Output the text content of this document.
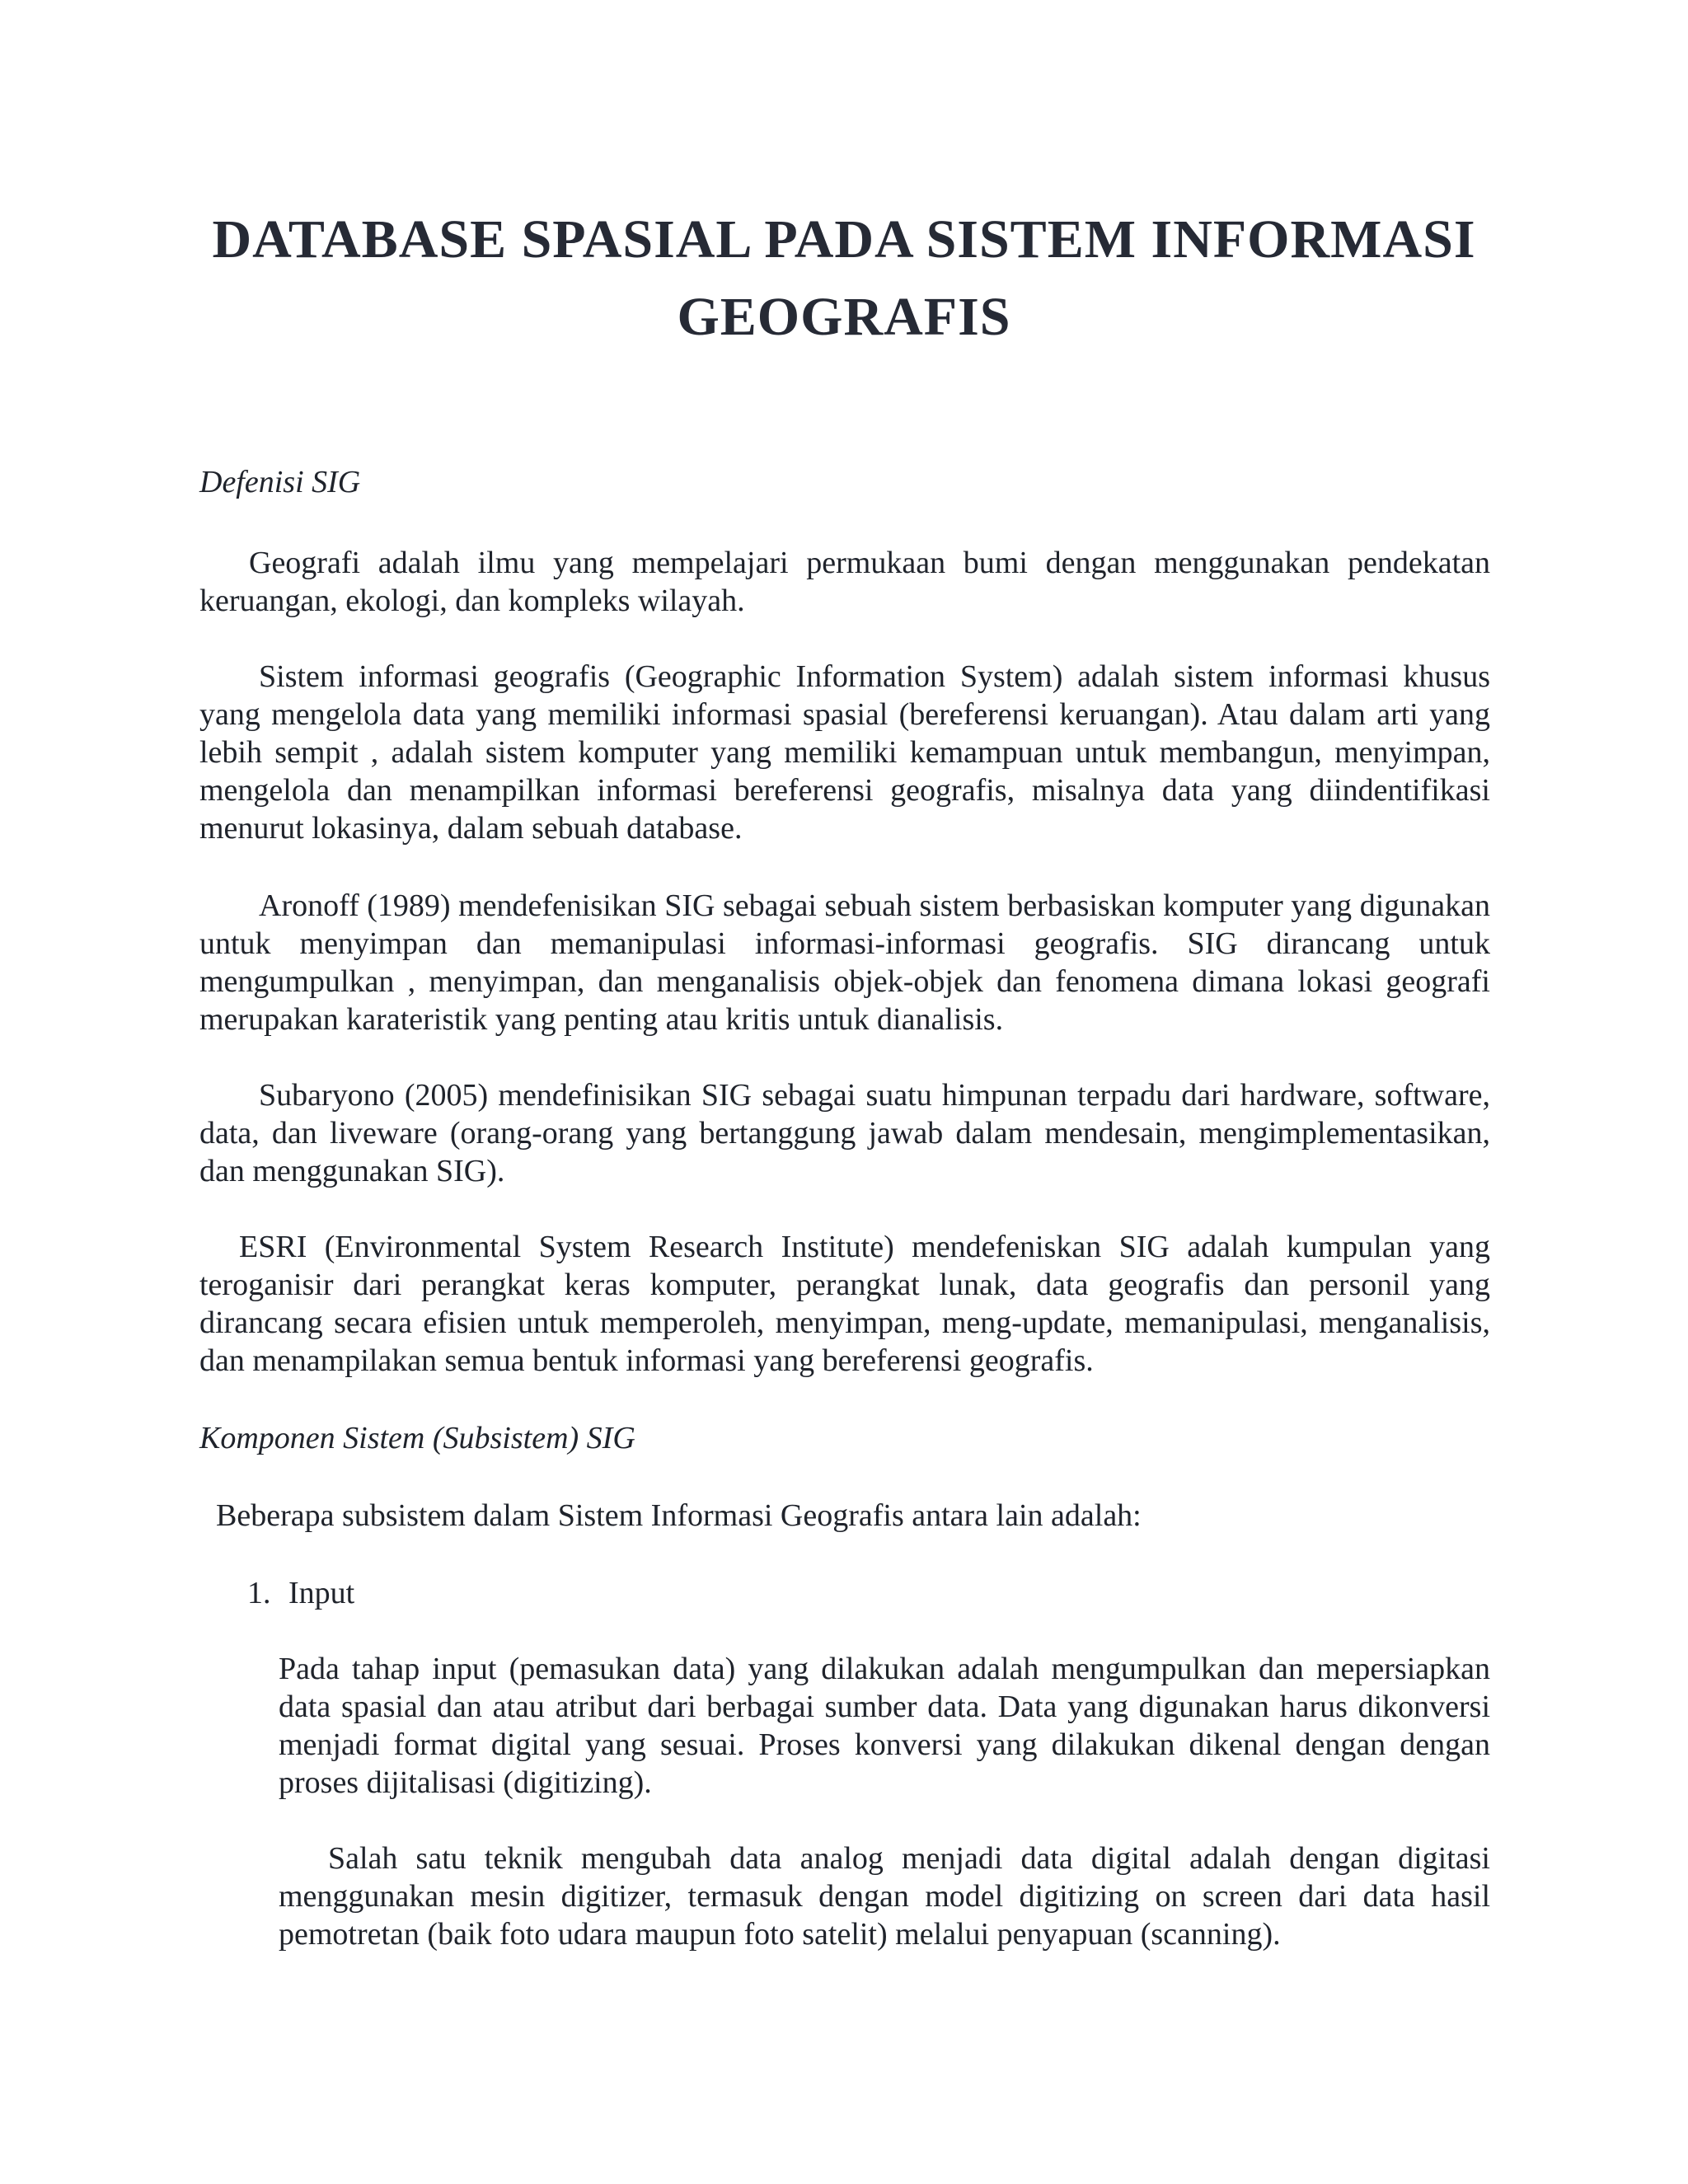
DATABASE SPASIAL PADA SISTEM INFORMASI
GEOGRAFIS

Defenisi SIG

Geografi adalah ilmu yang mempelajari permukaan bumi dengan menggunakan pendekatan keruangan, ekologi, dan kompleks wilayah.

Sistem informasi geografis (Geographic Information System) adalah sistem informasi khusus yang mengelola data yang memiliki informasi spasial (bereferensi keruangan). Atau dalam arti yang lebih sempit , adalah sistem komputer yang memiliki kemampuan untuk membangun, menyimpan, mengelola dan menampilkan informasi bereferensi geografis, misalnya data yang diindentifikasi menurut lokasinya, dalam sebuah database.

Aronoff (1989) mendefenisikan SIG sebagai sebuah sistem berbasiskan komputer yang digunakan untuk menyimpan dan memanipulasi informasi-informasi geografis. SIG dirancang untuk mengumpulkan , menyimpan, dan menganalisis objek-objek dan fenomena dimana lokasi geografi merupakan karateristik yang penting atau kritis untuk dianalisis.

Subaryono (2005) mendefinisikan SIG sebagai suatu himpunan terpadu dari hardware, software, data, dan liveware (orang-orang yang bertanggung jawab dalam mendesain, mengimplementasikan, dan menggunakan SIG).

ESRI (Environmental System Research Institute) mendefeniskan SIG adalah kumpulan yang teroganisir dari perangkat keras komputer, perangkat lunak, data geografis dan personil yang dirancang secara efisien untuk memperoleh, menyimpan, meng-update, memanipulasi, menganalisis, dan menampilakan semua bentuk informasi yang bereferensi geografis.

Komponen Sistem (Subsistem) SIG

Beberapa subsistem dalam Sistem Informasi Geografis antara lain adalah:

1. Input

Pada tahap input (pemasukan data) yang dilakukan adalah mengumpulkan dan mepersiapkan data spasial dan atau atribut dari berbagai sumber data. Data yang digunakan harus dikonversi menjadi format digital yang sesuai. Proses konversi yang dilakukan dikenal dengan dengan proses dijitalisasi (digitizing).

Salah satu teknik mengubah data analog menjadi data digital adalah dengan digitasi menggunakan mesin digitizer, termasuk dengan model digitizing on screen dari data hasil pemotretan (baik foto udara maupun foto satelit) melalui penyapuan (scanning).
